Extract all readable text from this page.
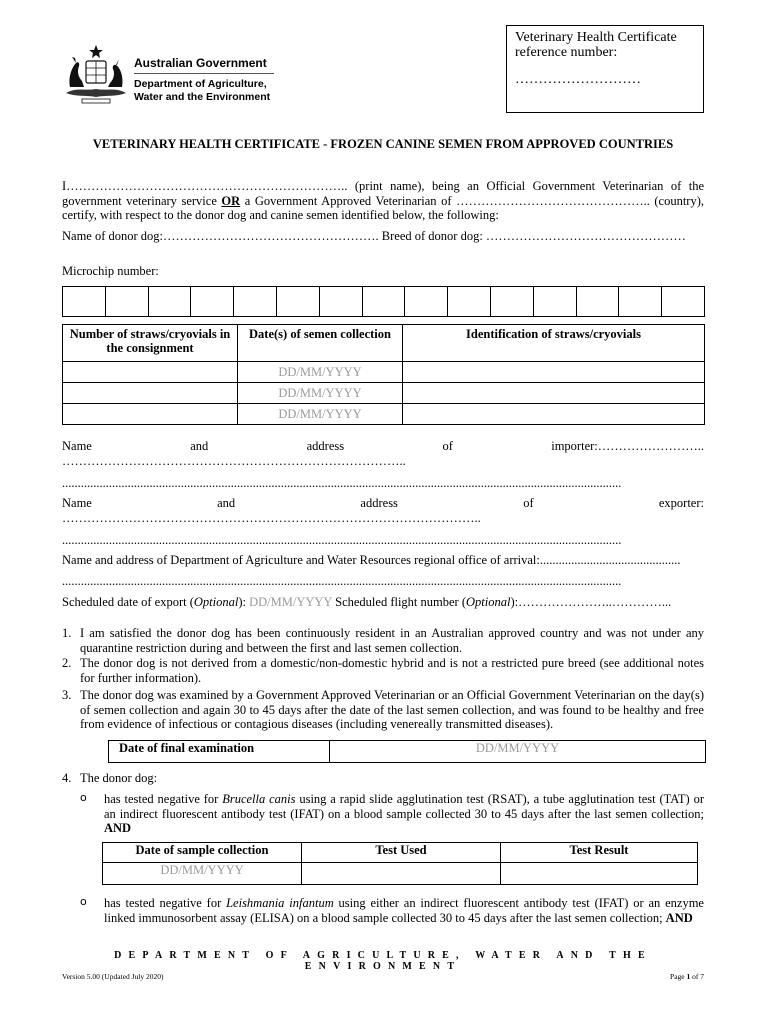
Veterinary Health Certificate reference number:
………………………
Australian Government
Department of Agriculture,
Water and the Environment
VETERINARY HEALTH CERTIFICATE - FROZEN CANINE SEMEN FROM APPROVED COUNTRIES
I………………………………………………………….. (print name), being an Official Government Veterinarian of the government veterinary service OR a Government Approved Veterinarian of ……………………………………….. (country), certify, with respect to the donor dog and canine semen identified below, the following:
Name of donor dog:……………………………………………. Breed of donor dog: …………………………………………
Microchip number:

Number of straws/cryovials in the consignment	Date(s) of semen collection	Identification of straws/cryovials
	DD/MM/YYYY	
	DD/MM/YYYY	
	DD/MM/YYYY	
Name and address of importer:……………………..
………………………………………………………………………..
...................................................................................................................................................................................
Name and address of exporter:
………………………………………………………………………………………..
...................................................................................................................................................................................
Name and address of Department of Agriculture and Water Resources regional office of arrival:.............................................
...................................................................................................................................................................................
Scheduled date of export (Optional): DD/MM/YYYY Scheduled flight number (Optional):…………………..…………...
1. I am satisfied the donor dog has been continuously resident in an Australian approved country and was not under any quarantine restriction during and between the first and last semen collection.
2. The donor dog is not derived from a domestic/non-domestic hybrid and is not a restricted pure breed (see additional notes for further information).
3. The donor dog was examined by a Government Approved Veterinarian or an Official Government Veterinarian on the day(s) of semen collection and again 30 to 45 days after the date of the last semen collection, and was found to be healthy and free from evidence of infectious or contagious diseases (including venereally transmitted diseases).
Date of final examination	DD/MM/YYYY
4. The donor dog:
o has tested negative for Brucella canis using a rapid slide agglutination test (RSAT), a tube agglutination test (TAT) or an indirect fluorescent antibody test (IFAT) on a blood sample collected 30 to 45 days after the last semen collection; AND
Date of sample collection	Test Used	Test Result
DD/MM/YYYY		
o has tested negative for Leishmania infantum using either an indirect fluorescent antibody test (IFAT) or an enzyme linked immunosorbent assay (ELISA) on a blood sample collected 30 to 45 days after the last semen collection; AND
DEPARTMENT OF AGRICULTURE, WATER AND THE ENVIRONMENT
Version 5.00 (Updated July 2020)	Page 1 of 7
